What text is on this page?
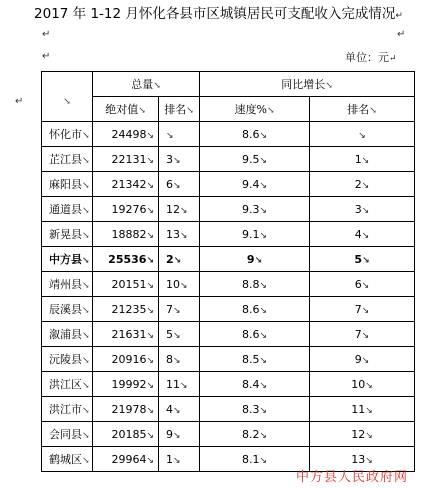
2017 年 1-12 月怀化各县市区城镇居民可支配收入完成情况↵
↵	↵
↵
↵
单位：元↵
$_↘$	总量↘		同比增长↘	
	绝对值↘	排名↘	速度%↘	排名↘
怀化市↘	24498↘	↘	8.6↘	↘
芷江县↘	22131↘	3↘	9.5↘	1↘
麻阳县↘	21342↘	6↘	9.4↘	2↘
通道县↘	19276↘	12↘	9.3↘	3↘
新晃县↘	18882↘	13↘	9.1↘	4↘
中方县↘	25536↘	2↘	9↘	5↘
靖州县↘	20151↘	10↘	8.8↘	6↘
辰溪县↘	21235↘	7↘	8.6↘	7↘
溆浦县↘	21631↘	5↘	8.6↘	7↘
沅陵县↘	20916↘	8↘	8.5↘	9↘
洪江区↘	19992↘	11↘	8.4↘	10↘
洪江市↘	21978↘	4↘	8.3↘	11↘
会同县↘	20185↘	9↘	8.2↘	12↘
鹤城区↘	29964↘	1↘	8.1↘	13↘
中方县人民政府网
